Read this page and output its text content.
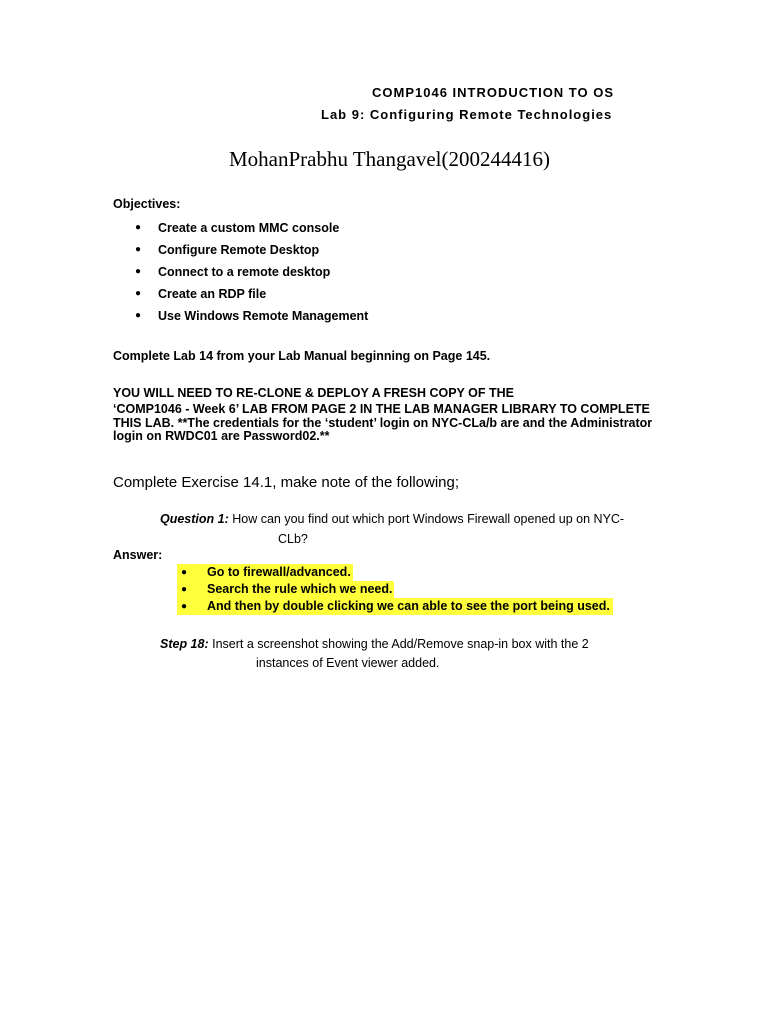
COMP1046 INTRODUCTION TO OS
Lab 9: Configuring Remote Technologies
MohanPrabhu Thangavel(200244416)
Objectives:
● Create a custom MMC console
● Configure Remote Desktop
● Connect to a remote desktop
● Create an RDP file
● Use Windows Remote Management
Complete Lab 14 from your Lab Manual beginning on Page 145.
YOU WILL NEED TO RE-CLONE & DEPLOY A FRESH COPY OF THE
‘COMP1046 - Week 6’ LAB FROM PAGE 2 IN THE LAB MANAGER LIBRARY TO COMPLETE THIS LAB. **The credentials for the ‘student’ login on NYC-CLa/b are and the Administrator login on RWDC01 are Password02.**
Complete Exercise 14.1, make note of the following;
Question 1: How can you find out which port Windows Firewall opened up on NYC-
CLb?
Answer:
● Go to firewall/advanced.
● Search the rule which we need.
● And then by double clicking we can able to see the port being used.
Step 18: Insert a screenshot showing the Add/Remove snap-in box with the 2
instances of Event viewer added.
